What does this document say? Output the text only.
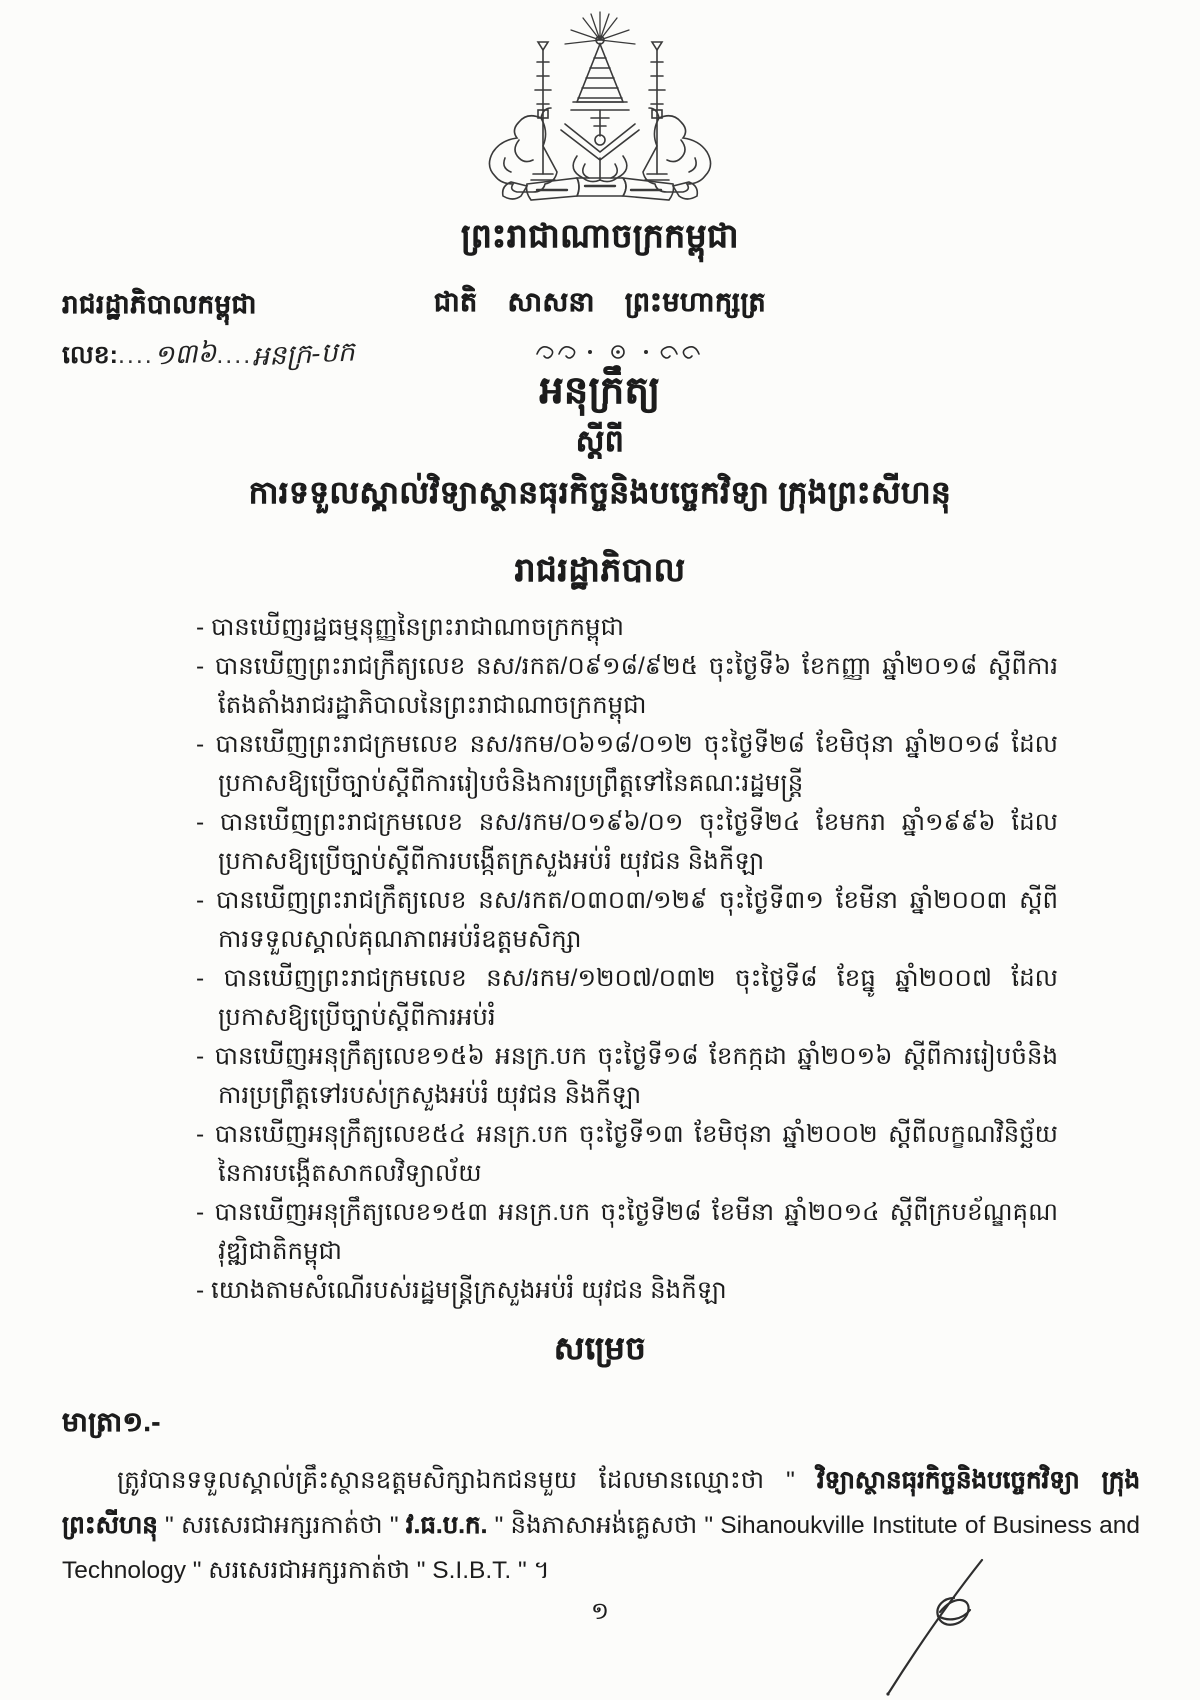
ព្រះរាជាណាចក្រកម្ពុជា
រាជរដ្ឋាភិបាលកម្ពុជា	ជាតិ សាសនា ព្រះមហាក្សត្រ
លេខ:....១៣៦....អនក្រ-បក
អនុក្រឹត្យ
ស្តីពី
ការទទួលស្គាល់វិទ្យាស្ថានធុរកិច្ចនិងបច្ចេកវិទ្យា ក្រុងព្រះសីហនុ
រាជរដ្ឋាភិបាល
- បានឃើញរដ្ឋធម្មនុញ្ញនៃព្រះរាជាណាចក្រកម្ពុជា
- បានឃើញព្រះរាជក្រឹត្យលេខ នស/រកត/០៩១៨/៩២៥ ចុះថ្ងៃទី៦ ខែកញ្ញា ឆ្នាំ២០១៨ ស្តីពីការតែងតាំងរាជរដ្ឋាភិបាលនៃព្រះរាជាណាចក្រកម្ពុជា
- បានឃើញព្រះរាជក្រមលេខ នស/រកម/០៦១៨/០១២ ចុះថ្ងៃទី២៨ ខែមិថុនា ឆ្នាំ២០១៨ ដែលប្រកាសឱ្យប្រើច្បាប់ស្តីពីការរៀបចំនិងការប្រព្រឹត្តទៅនៃគណៈរដ្ឋមន្ត្រី
- បានឃើញព្រះរាជក្រមលេខ នស/រកម/០១៩៦/០១ ចុះថ្ងៃទី២៤ ខែមករា ឆ្នាំ១៩៩៦ ដែលប្រកាសឱ្យប្រើច្បាប់ស្តីពីការបង្កើតក្រសួងអប់រំ យុវជន និងកីឡា
- បានឃើញព្រះរាជក្រឹត្យលេខ នស/រកត/០៣០៣/១២៩ ចុះថ្ងៃទី៣១ ខែមីនា ឆ្នាំ២០០៣ ស្តីពីការទទួលស្គាល់គុណភាពអប់រំឧត្តមសិក្សា
- បានឃើញព្រះរាជក្រមលេខ នស/រកម/១២០៧/០៣២ ចុះថ្ងៃទី៨ ខែធ្នូ ឆ្នាំ២០០៧ ដែលប្រកាសឱ្យប្រើច្បាប់ស្តីពីការអប់រំ
- បានឃើញអនុក្រឹត្យលេខ១៥៦ អនក្រ.បក ចុះថ្ងៃទី១៨ ខែកក្កដា ឆ្នាំ២០១៦ ស្តីពីការរៀបចំនិងការប្រព្រឹត្តទៅរបស់ក្រសួងអប់រំ យុវជន និងកីឡា
- បានឃើញអនុក្រឹត្យលេខ៥៤ អនក្រ.បក ចុះថ្ងៃទី១៣ ខែមិថុនា ឆ្នាំ២០០២ ស្តីពីលក្ខណវិនិច្ឆ័យនៃការបង្កើតសាកលវិទ្យាល័យ
- បានឃើញអនុក្រឹត្យលេខ១៥៣ អនក្រ.បក ចុះថ្ងៃទី២៨ ខែមីនា ឆ្នាំ២០១៤ ស្តីពីក្របខ័ណ្ឌគុណវុឌ្ឍិជាតិកម្ពុជា
- យោងតាមសំណើរបស់រដ្ឋមន្ត្រីក្រសួងអប់រំ យុវជន និងកីឡា
សម្រេច
មាត្រា១.-
ត្រូវបានទទួលស្គាល់គ្រឹះស្ថានឧត្តមសិក្សាឯកជនមួយ ដែលមានឈ្មោះថា " វិទ្យាស្ថានធុរកិច្ចនិងបច្ចេកវិទ្យា ក្រុងព្រះសីហនុ " សរសេរជាអក្សរកាត់ថា " វ.ធ.ប.ក. " និងភាសាអង់គ្លេសថា " Sihanoukville Institute of Business and Technology " សរសេរជាអក្សរកាត់ថា " S.I.B.T. " ។
១
